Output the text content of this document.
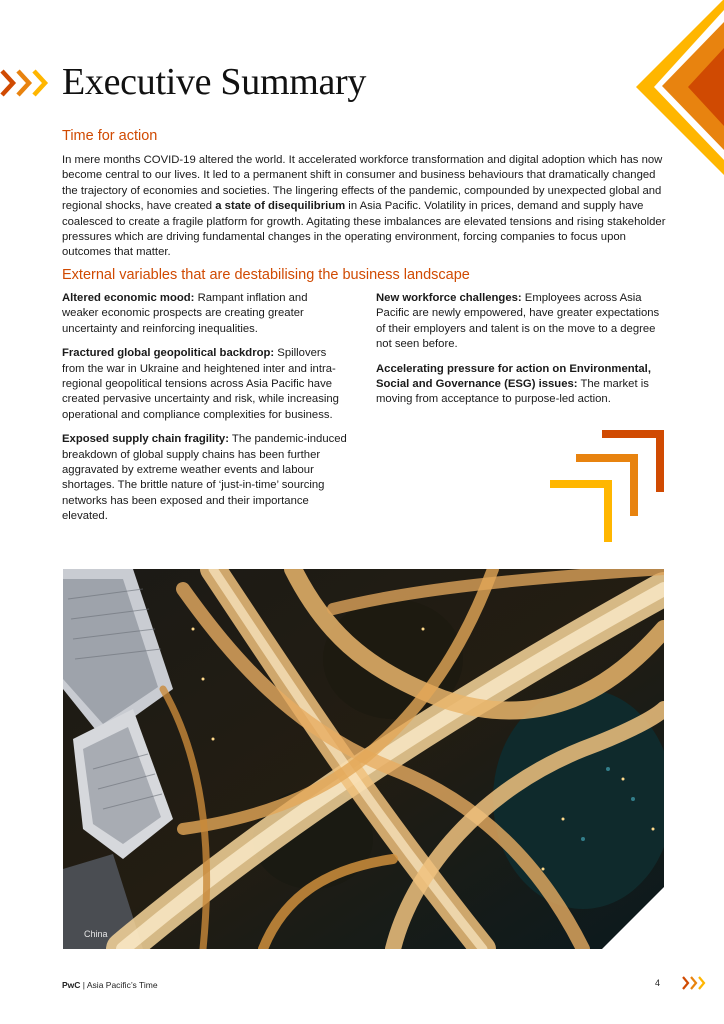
Executive Summary
Time for action

In mere months COVID-19 altered the world. It accelerated workforce transformation and digital adoption which has now become central to our lives. It led to a permanent shift in consumer and business behaviours that dramatically changed the trajectory of economies and societies. The lingering effects of the pandemic, compounded by unexpected global and regional shocks, have created a state of disequilibrium in Asia Pacific. Volatility in prices, demand and supply have coalesced to create a fragile platform for growth. Agitating these imbalances are elevated tensions and rising stakeholder pressures which are driving fundamental changes in the operating environment, forcing companies to focus upon outcomes that matter.

External variables that are destabilising the business landscape

Altered economic mood: Rampant inflation and weaker economic prospects are creating greater uncertainty and reinforcing inequalities.

Fractured global geopolitical backdrop: Spillovers from the war in Ukraine and heightened inter and intra-regional geopolitical tensions across Asia Pacific have created pervasive uncertainty and risk, while increasing operational and compliance complexities for business.

Exposed supply chain fragility: The pandemic-induced breakdown of global supply chains has been further aggravated by extreme weather events and labour shortages. The brittle nature of ‘just-in-time’ sourcing networks has been exposed and their importance elevated.

New workforce challenges: Employees across Asia Pacific are newly empowered, have greater expectations of their employers and talent is on the move to a degree not seen before.

Accelerating pressure for action on Environmental, Social and Governance (ESG) issues: The market is moving from acceptance to purpose-led action.

China
PwC | Asia Pacific’s Time	4
